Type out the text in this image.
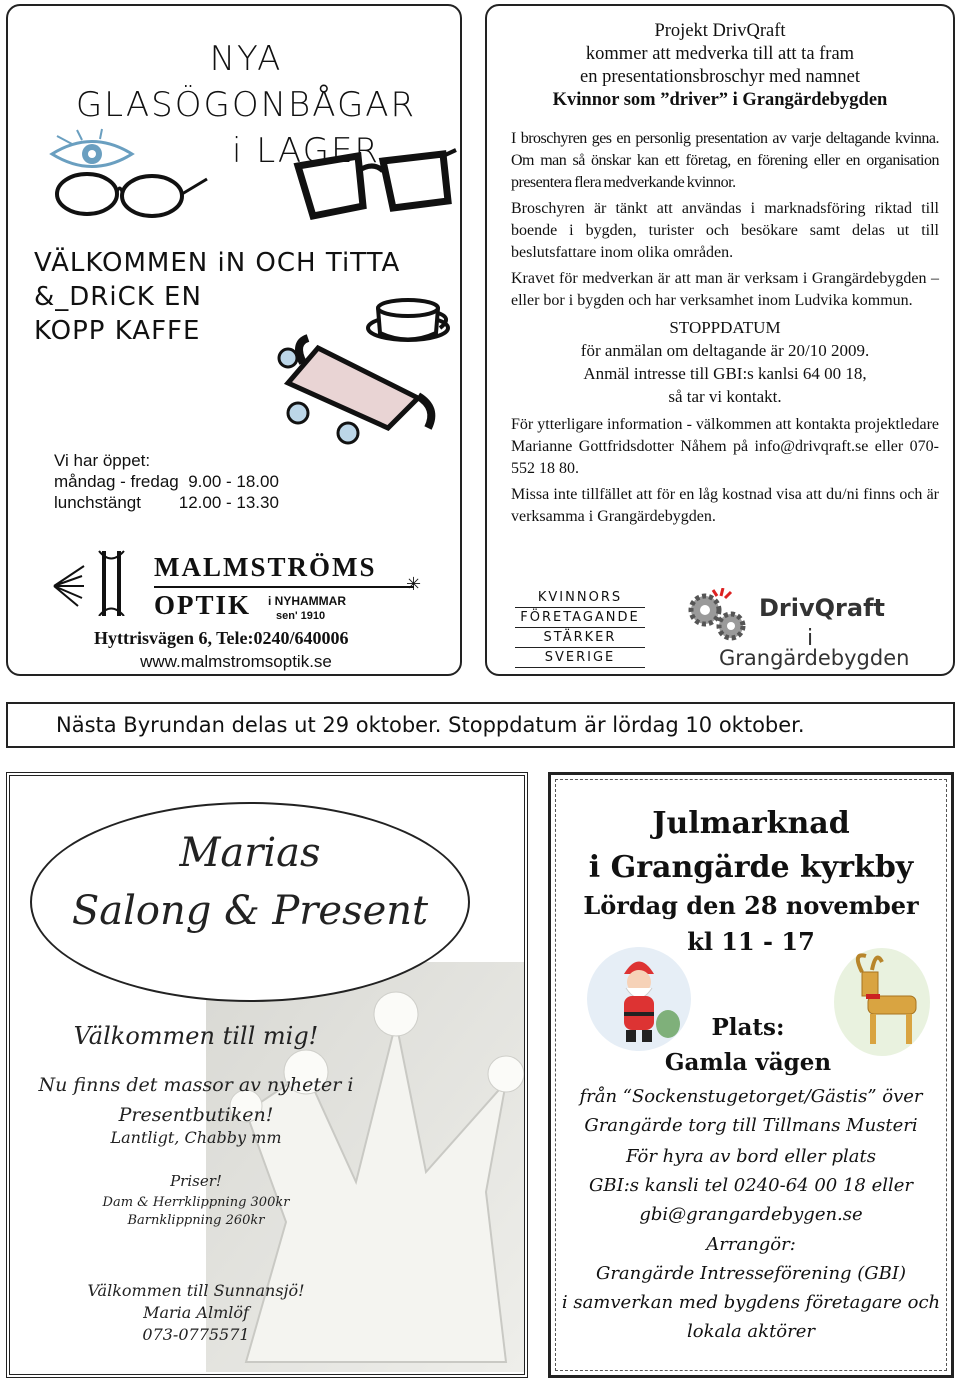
NYA
GLASÖGONBÅGAR
i LAGER
VÄLKOMMEN iN OCH TiTTA
&_DRiCK EN
KOPP KAFFE
Vi har öppet:
måndag - fredag  9.00 - 18.00
lunchstängt        12.00 - 13.30
MALMSTRÖMS
OPTIK i NYHAMMAR
sen' 1910
✳
Hyttrisvägen 6, Tele:0240/640006
www.malmstromsoptik.se
Projekt DrivQraft
kommer att medverka till att ta fram
en presentationsbroschyr med namnet
Kvinnor som ”driver” i Grangärdebygden

I broschyren ges en personlig presentation av varje deltagande kvinna. Om man så önskar kan ett företag, en förening eller en organisation presentera flera medverkande kvinnor.

Broschyren är tänkt att användas i marknadsföring riktad till boende i bygden, turister och besökare samt delas ut till beslutsfattare inom olika områden.

Kravet för medverkan är att man är verksam i Grangärdebygden – eller bor i bygden och har verksamhet inom Ludvika kommun.

STOPPDATUM
för anmälan om deltagande är 20/10 2009.
Anmäl intresse till GBI:s kanlsi 64 00 18,
så tar vi kontakt.

För ytterligare information - välkommen att kontakta projektledare Marianne Gottfridsdotter Nåhem på info@drivqraft.se eller 070-552 18 80.

Missa inte tillfället att för en låg kostnad visa att du/ni finns och är verksamma i Grangärdebygden.

KVINNORS
FÖRETAGANDE
STÄRKER
SVERIGE
DrivQraft
i
Grangärdebygden
Nästa Byrundan delas ut 29 oktober. Stoppdatum är lördag 10 oktober.
Marias
Salong & Present
Välkommen till mig!
Nu finns det massor av nyheter i
Presentbutiken!
Lantligt, Chabby mm
Priser!
Dam & Herrklippning 300kr
Barnklippning 260kr
Välkommen till Sunnansjö!
Maria Almlöf
073-0775571
Julmarknad
i Grangärde kyrkby
Lördag den 28 november
kl 11 - 17
Plats:
Gamla vägen
från “Sockenstugetorget/Gästis” över
Grangärde torg till Tillmans Musteri
För hyra av bord eller plats
GBI:s kansli tel 0240-64 00 18 eller
gbi@grangardebygen.se
Arrangör:
Grangärde Intresseförening (GBI)
i samverkan med bygdens företagare och
lokala aktörer
